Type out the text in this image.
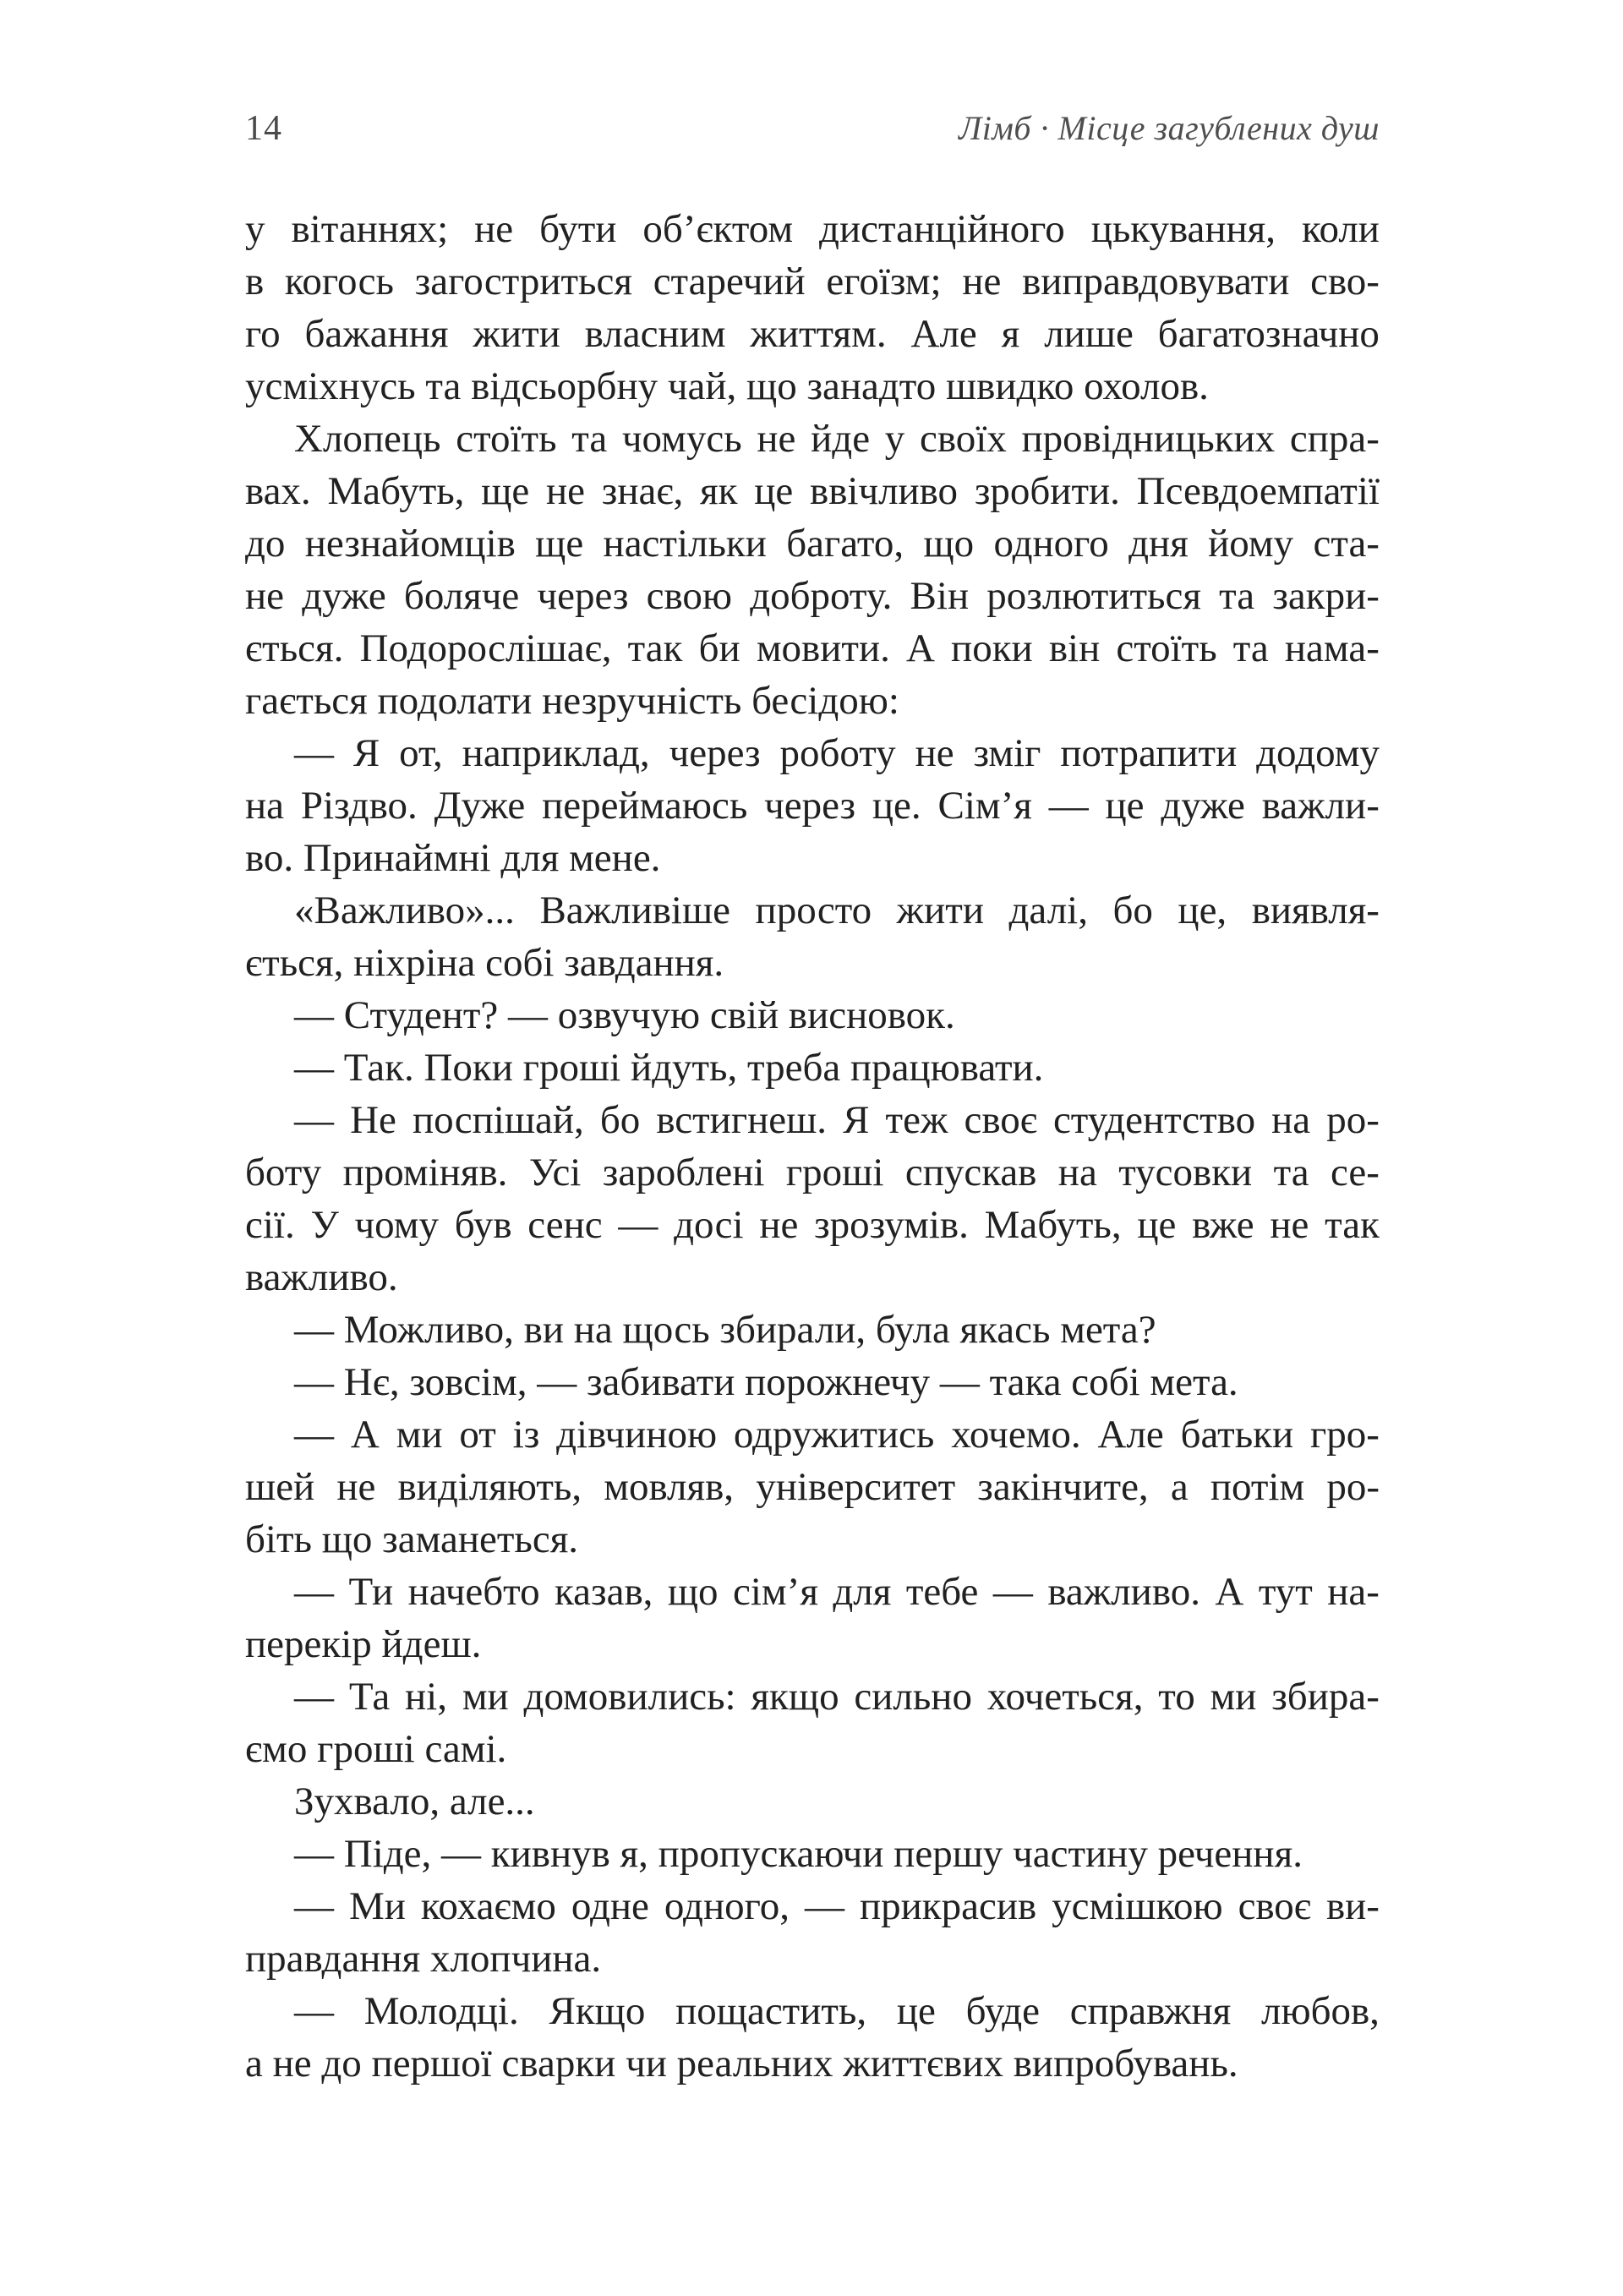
14	Лімб · Місце загублених душ
у вітаннях; не бути об’єктом дистанційного цькування, коли
в когось загостриться старечий егоїзм; не виправдовувати сво-
го бажання жити власним життям. Але я лише багатозначно
усміхнусь та відсьорбну чай, що занадто швидко охолов.
Хлопець стоїть та чомусь не йде у своїх провідницьких спра-
вах. Мабуть, ще не знає, як це ввічливо зробити. Псевдоемпатії
до незнайомців ще настільки багато, що одного дня йому ста-
не дуже боляче через свою доброту. Він розлютиться та закри-
ється. Подорослішає, так би мовити. А поки він стоїть та нама-
гається подолати незручність бесідою:
— Я от, наприклад, через роботу не зміг потрапити додому
на Різдво. Дуже переймаюсь через це. Сім’я — це дуже важли-
во. Принаймні для мене.
«Важливо»... Важливіше просто жити далі, бо це, виявля-
ється, ніхріна собі завдання.
— Студент? — озвучую свій висновок.
— Так. Поки гроші йдуть, треба працювати.
— Не поспішай, бо встигнеш. Я теж своє студентство на ро-
боту проміняв. Усі зароблені гроші спускав на тусовки та се-
сії. У чому був сенс — досі не зрозумів. Мабуть, це вже не так
важливо.
— Можливо, ви на щось збирали, була якась мета?
— Нє, зовсім, — забивати порожнечу — така собі мета.
— А ми от із дівчиною одружитись хочемо. Але батьки гро-
шей не виділяють, мовляв, університет закінчите, а потім ро-
біть що заманеться.
— Ти начебто казав, що сім’я для тебе — важливо. А тут на-
перекір йдеш.
— Та ні, ми домовились: якщо сильно хочеться, то ми збира-
ємо гроші самі.
Зухвало, але...
— Піде, — кивнув я, пропускаючи першу частину речення.
— Ми кохаємо одне одного, — прикрасив усмішкою своє ви-
правдання хлопчина.
— Молодці. Якщо пощастить, це буде справжня любов,
а не до першої сварки чи реальних життєвих випробувань.
